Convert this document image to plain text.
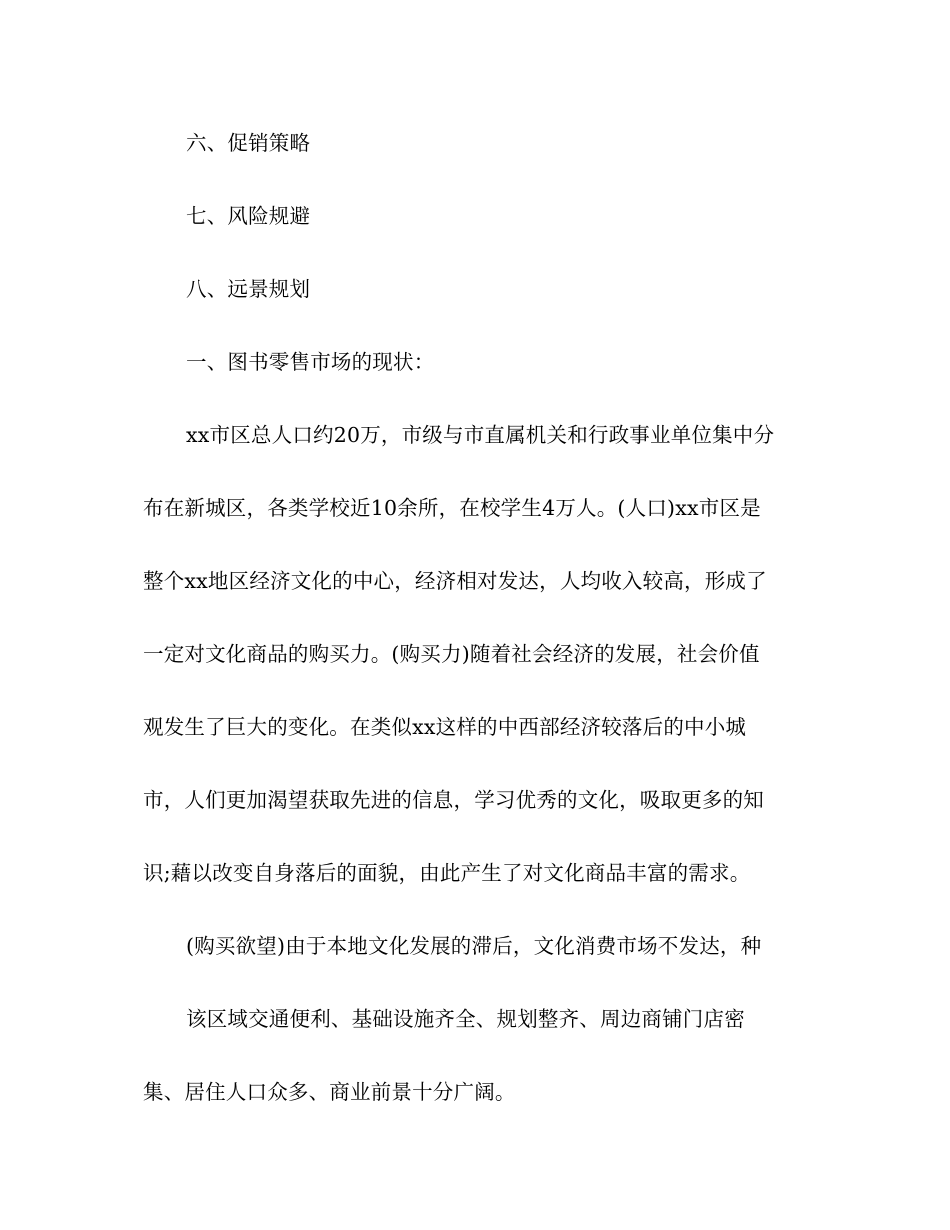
六、促销策略
七、风险规避
八、远景规划
一、图书零售市场的现状：
xx市区总人口约20万，市级与市直属机关和行政事业单位集中分
布在新城区，各类学校近10余所，在校学生4万人。(人口)xx市区是
整个xx地区经济文化的中心，经济相对发达，人均收入较高，形成了
一定对文化商品的购买力。(购买力)随着社会经济的发展，社会价值
观发生了巨大的变化。在类似xx这样的中西部经济较落后的中小城
市，人们更加渴望获取先进的信息，学习优秀的文化，吸取更多的知
识;藉以改变自身落后的面貌，由此产生了对文化商品丰富的需求。
(购买欲望)由于本地文化发展的滞后，文化消费市场不发达，种
该区域交通便利、基础设施齐全、规划整齐、周边商铺门店密
集、居住人口众多、商业前景十分广阔。
